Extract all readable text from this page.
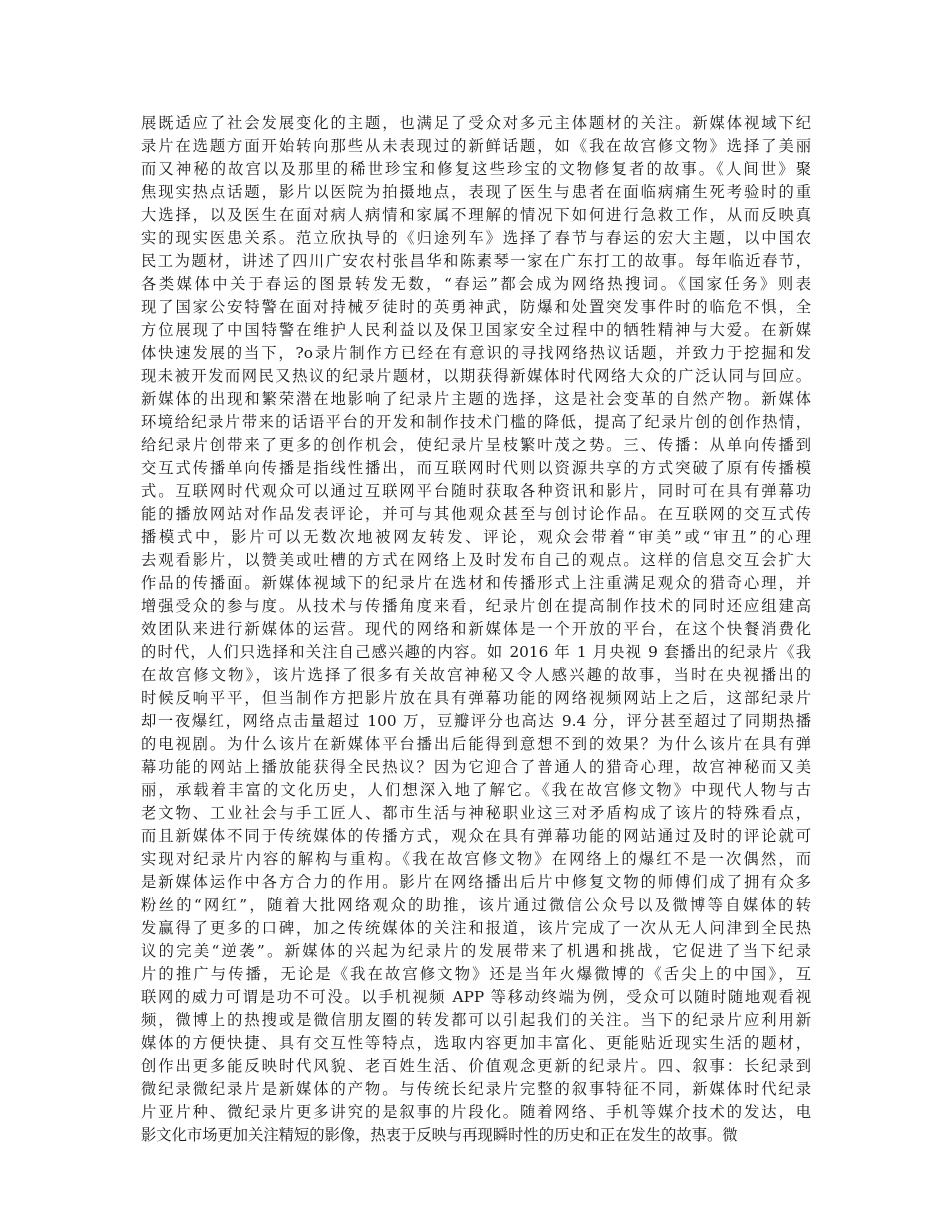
展既适应了社会发展变化的主题，也满足了受众对多元主体题材的关注。新媒体视域下纪
录片在选题方面开始转向那些从未表现过的新鲜话题，如《我在故宫修文物》选择了美丽
而又神秘的故宫以及那里的稀世珍宝和修复这些珍宝的文物修复者的故事。《人间世》聚
焦现实热点话题，影片以医院为拍摄地点，表现了医生与患者在面临病痛生死考验时的重
大选择，以及医生在面对病人病情和家属不理解的情况下如何进行急救工作，从而反映真
实的现实医患关系。范立欣执导的《归途列车》选择了春节与春运的宏大主题，以中国农
民工为题材，讲述了四川广安农村张昌华和陈素琴一家在广东打工的故事。每年临近春节，
各类媒体中关于春运的图景转发无数，“春运”都会成为网络热搜词。《国家任务》则表
现了国家公安特警在面对持械歹徒时的英勇神武，防爆和处置突发事件时的临危不惧，全
方位展现了中国特警在维护人民利益以及保卫国家安全过程中的牺牲精神与大爱。在新媒
体快速发展的当下，?o录片制作方已经在有意识的寻找网络热议话题，并致力于挖掘和发
现未被开发而网民又热议的纪录片题材，以期获得新媒体时代网络大众的广泛认同与回应。
新媒体的出现和繁荣潜在地影响了纪录片主题的选择，这是社会变革的自然产物。新媒体
环境给纪录片带来的话语平台的开发和制作技术门槛的降低，提高了纪录片创的创作热情，
给纪录片创带来了更多的创作机会，使纪录片呈枝繁叶茂之势。三、传播：从单向传播到
交互式传播单向传播是指线性播出，而互联网时代则以资源共享的方式突破了原有传播模
式。互联网时代观众可以通过互联网平台随时获取各种资讯和影片，同时可在具有弹幕功
能的播放网站对作品发表评论，并可与其他观众甚至与创讨论作品。在互联网的交互式传
播模式中，影片可以无数次地被网友转发、评论，观众会带着“审美”或“审丑”的心理
去观看影片，以赞美或吐槽的方式在网络上及时发布自己的观点。这样的信息交互会扩大
作品的传播面。新媒体视域下的纪录片在选材和传播形式上注重满足观众的猎奇心理，并
增强受众的参与度。从技术与传播角度来看，纪录片创在提高制作技术的同时还应组建高
效团队来进行新媒体的运营。现代的网络和新媒体是一个开放的平台，在这个快餐消费化
的时代，人们只选择和关注自己感兴趣的内容。如 2016 年 1 月央视 9 套播出的纪录片《我
在故宫修文物》，该片选择了很多有关故宫神秘又令人感兴趣的故事，当时在央视播出的
时候反响平平，但当制作方把影片放在具有弹幕功能的网络视频网站上之后，这部纪录片
却一夜爆红，网络点击量超过 100 万，豆瓣评分也高达 9.4 分，评分甚至超过了同期热播
的电视剧。为什么该片在新媒体平台播出后能得到意想不到的效果？为什么该片在具有弹
幕功能的网站上播放能获得全民热议？因为它迎合了普通人的猎奇心理，故宫神秘而又美
丽，承载着丰富的文化历史，人们想深入地了解它。《我在故宫修文物》中现代人物与古
老文物、工业社会与手工匠人、都市生活与神秘职业这三对矛盾构成了该片的特殊看点，
而且新媒体不同于传统媒体的传播方式，观众在具有弹幕功能的网站通过及时的评论就可
实现对纪录片内容的解构与重构。《我在故宫修文物》在网络上的爆红不是一次偶然，而
是新媒体运作中各方合力的作用。影片在网络播出后片中修复文物的师傅们成了拥有众多
粉丝的“网红”，随着大批网络观众的助推，该片通过微信公众号以及微博等自媒体的转
发赢得了更多的口碑，加之传统媒体的关注和报道，该片完成了一次从无人问津到全民热
议的完美“逆袭”。新媒体的兴起为纪录片的发展带来了机遇和挑战，它促进了当下纪录
片的推广与传播，无论是《我在故宫修文物》还是当年火爆微博的《舌尖上的中国》，互
联网的威力可谓是功不可没。以手机视频 APP 等移动终端为例，受众可以随时随地观看视
频，微博上的热搜或是微信朋友圈的转发都可以引起我们的关注。当下的纪录片应利用新
媒体的方便快捷、具有交互性等特点，选取内容更加丰富化、更能贴近现实生活的题材，
创作出更多能反映时代风貌、老百姓生活、价值观念更新的纪录片。四、叙事：长纪录到
微纪录微纪录片是新媒体的产物。与传统长纪录片完整的叙事特征不同，新媒体时代纪录
片亚片种、微纪录片更多讲究的是叙事的片段化。随着网络、手机等媒介技术的发达，电
影文化市场更加关注精短的影像，热衷于反映与再现瞬时性的历史和正在发生的故事。微
